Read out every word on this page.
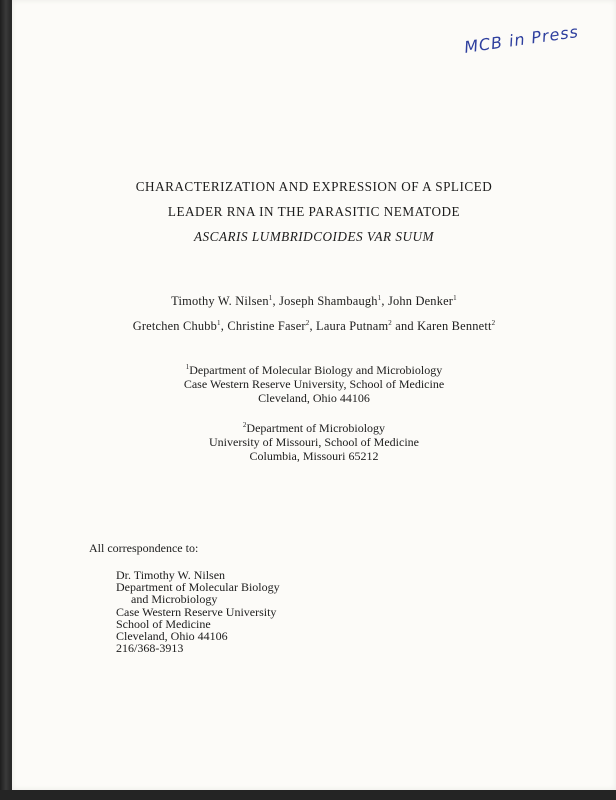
MCB in Press
CHARACTERIZATION AND EXPRESSION OF A SPLICED
LEADER RNA IN THE PARASITIC NEMATODE
ASCARIS LUMBRIDCOIDES VAR SUUM
Timothy W. Nilsen$^1$, Joseph Shambaugh$^1$, John Denker$^1$
Gretchen Chubb$^1$, Christine Faser$^2$, Laura Putnam$^2$ and Karen Bennett$^2$
$^1$Department of Molecular Biology and Microbiology
Case Western Reserve University, School of Medicine
Cleveland, Ohio 44106
$^2$Department of Microbiology
University of Missouri, School of Medicine
Columbia, Missouri 65212
All correspondence to:
Dr. Timothy W. Nilsen
Department of Molecular Biology
and Microbiology
Case Western Reserve University
School of Medicine
Cleveland, Ohio 44106
216/368-3913
